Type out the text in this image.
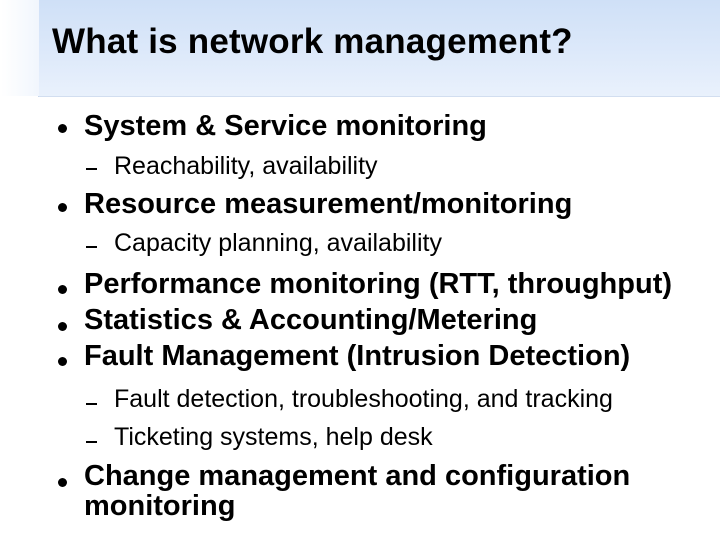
What is network management?
System & Service monitoring
Reachability, availability
Resource measurement/monitoring
Capacity planning, availability
Performance monitoring (RTT, throughput)
Statistics & Accounting/Metering
Fault Management (Intrusion Detection)
Fault detection, troubleshooting, and tracking
Ticketing systems, help desk
Change management and configuration
monitoring
